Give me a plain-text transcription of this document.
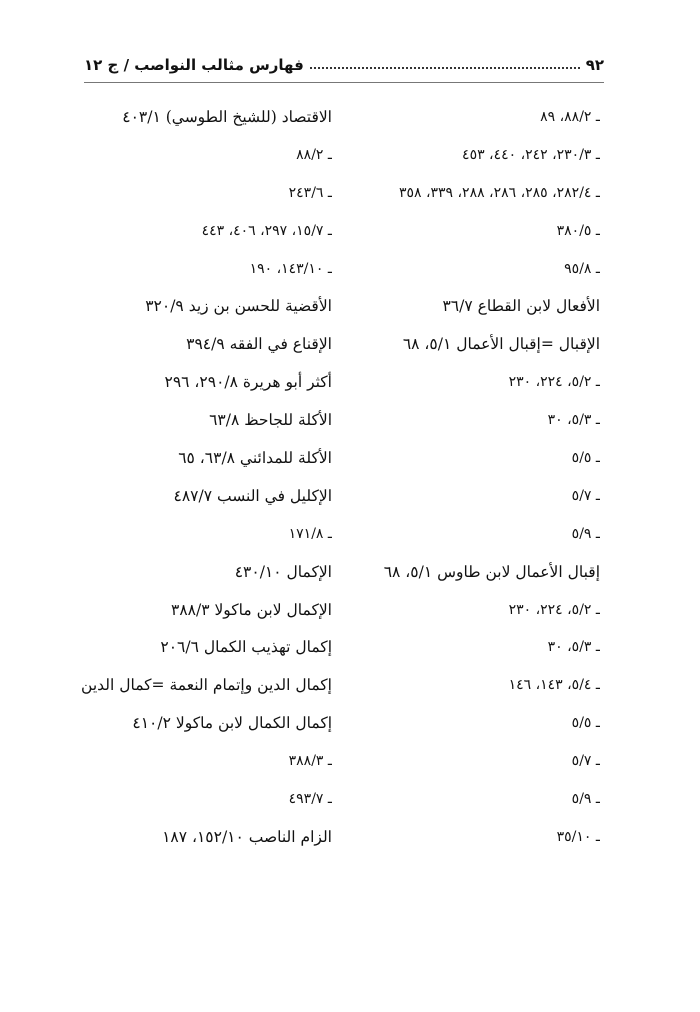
٩٢
فهارس مثالب النواصب / ج ١٢
ـ ٨٨/٢، ٨٩
ـ ٢٣٠/٣، ٢٤٢، ٤٤٠، ٤٥٣
ـ ٢٨٢/٤، ٢٨٥، ٢٨٦، ٢٨٨، ٣٣٩، ٣٥٨
ـ ٣٨٠/٥
ـ ٩٥/٨
الأفعال لابن القطاع ٣٦/٧
الإقبال =إقبال الأعمال ٥/١، ٦٨
ـ ٥/٢، ٢٢٤، ٢٣٠
ـ ٥/٣، ٣٠
ـ ٥/٥
ـ ٥/٧
ـ ٥/٩
إقبال الأعمال لابن طاوس ٥/١، ٦٨
ـ ٥/٢، ٢٢٤، ٢٣٠
ـ ٥/٣، ٣٠
ـ ٥/٤، ١٤٣، ١٤٦
ـ ٥/٥
ـ ٥/٧
ـ ٥/٩
ـ ٣٥/١٠
الاقتصاد (للشيخ الطوسي) ٤٠٣/١
ـ ٨٨/٢
ـ ٢٤٣/٦
ـ ١٥/٧، ٢٩٧، ٤٠٦، ٤٤٣
ـ ١٤٣/١٠، ١٩٠
الأقضية للحسن بن زيد ٣٢٠/٩
الإقناع في الفقه ٣٩٤/٩
أكثر أبو هريرة ٢٩٠/٨، ٢٩٦
الأكلة للجاحظ ٦٣/٨
الأكلة للمدائني ٦٣/٨، ٦٥
الإكليل في النسب ٤٨٧/٧
ـ ١٧١/٨
الإكمال ٤٣٠/١٠
الإكمال لابن ماكولا ٣٨٨/٣
إكمال تهذيب الكمال ٢٠٦/٦
إكمال الدين وإتمام النعمة =كمال الدين
إكمال الكمال لابن ماكولا ٤١٠/٢
ـ ٣٨٨/٣
ـ ٤٩٣/٧
الزام الناصب ١٥٢/١٠، ١٨٧
